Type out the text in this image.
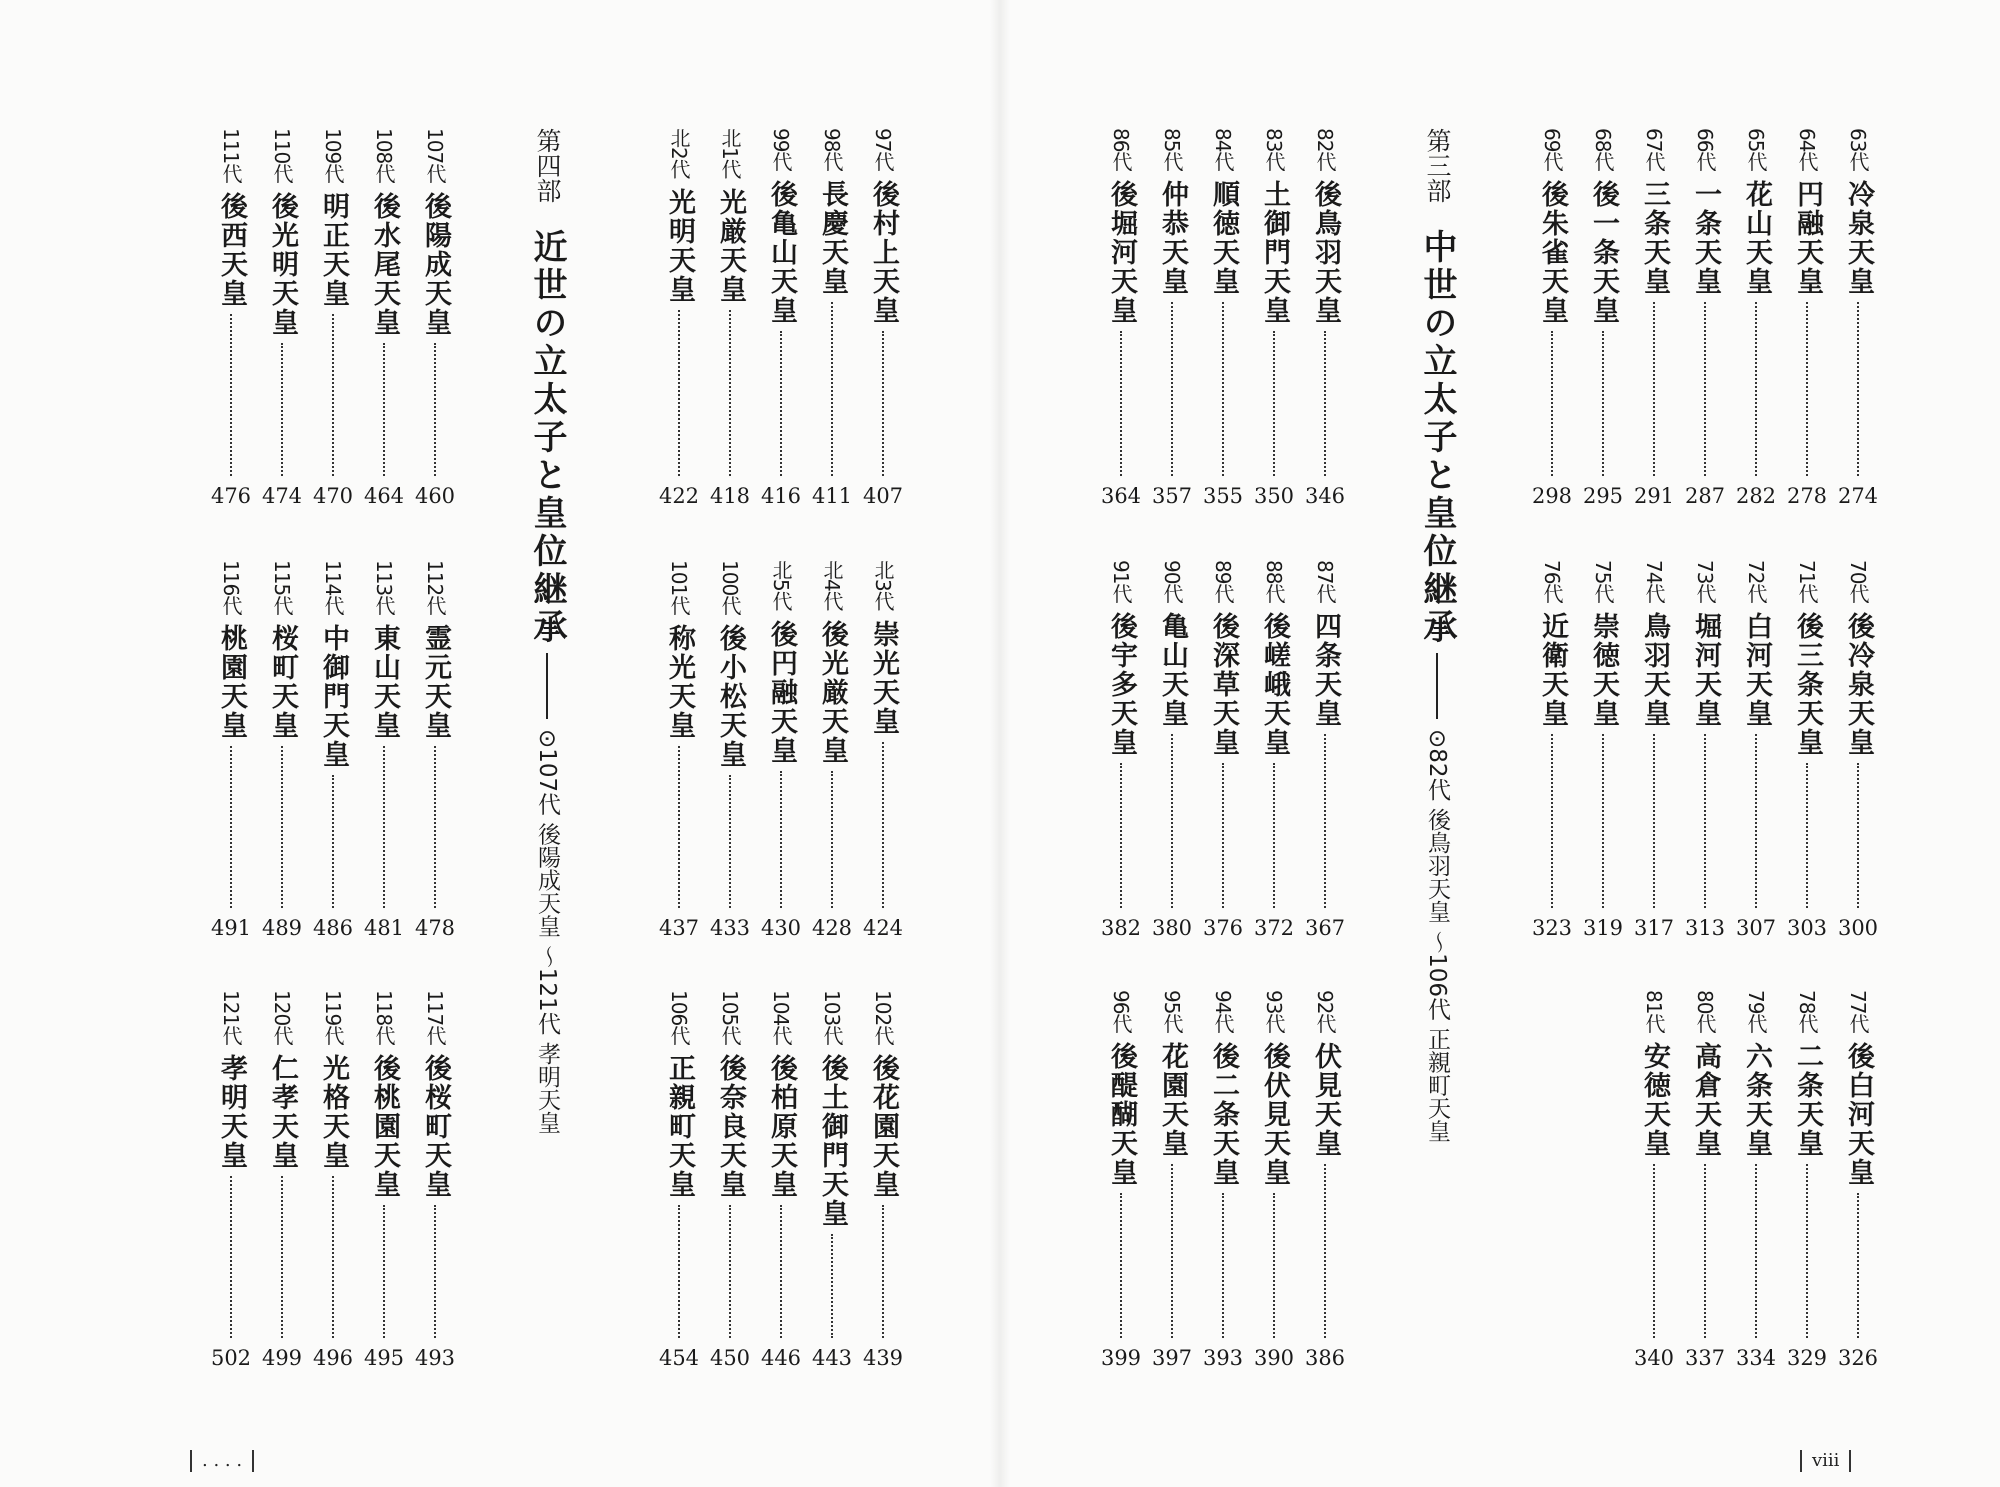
第三部
中世の立太子と皇位継承
⊙82代 後鳥羽天皇 ～106代 正親町天皇
第四部
近世の立太子と皇位継承
⊙107代 後陽成天皇 ～121代 孝明天皇
63代
冷泉天皇
274
64代
円融天皇
278
65代
花山天皇
282
66代
一条天皇
287
67代
三条天皇
291
68代
後一条天皇
295
69代
後朱雀天皇
298
70代
後冷泉天皇
300
71代
後三条天皇
303
72代
白河天皇
307
73代
堀河天皇
313
74代
鳥羽天皇
317
75代
崇徳天皇
319
76代
近衛天皇
323
77代
後白河天皇
326
78代
二条天皇
329
79代
六条天皇
334
80代
高倉天皇
337
81代
安徳天皇
340
82代
後鳥羽天皇
346
83代
土御門天皇
350
84代
順徳天皇
355
85代
仲恭天皇
357
86代
後堀河天皇
364
87代
四条天皇
367
88代
後嵯峨天皇
372
89代
後深草天皇
376
90代
亀山天皇
380
91代
後宇多天皇
382
92代
伏見天皇
386
93代
後伏見天皇
390
94代
後二条天皇
393
95代
花園天皇
397
96代
後醍醐天皇
399
97代
後村上天皇
407
98代
長慶天皇
411
99代
後亀山天皇
416
北1代
光厳天皇
418
北2代
光明天皇
422
北3代
崇光天皇
424
北4代
後光厳天皇
428
北5代
後円融天皇
430
100代
後小松天皇
433
101代
称光天皇
437
102代
後花園天皇
439
103代
後土御門天皇
443
104代
後柏原天皇
446
105代
後奈良天皇
450
106代
正親町天皇
454
107代
後陽成天皇
460
108代
後水尾天皇
464
109代
明正天皇
470
110代
後光明天皇
474
111代
後西天皇
476
112代
霊元天皇
478
113代
東山天皇
481
114代
中御門天皇
486
115代
桜町天皇
489
116代
桃園天皇
491
117代
後桜町天皇
493
118代
後桃園天皇
495
119代
光格天皇
496
120代
仁孝天皇
499
121代
孝明天皇
502
viii
. . . .
